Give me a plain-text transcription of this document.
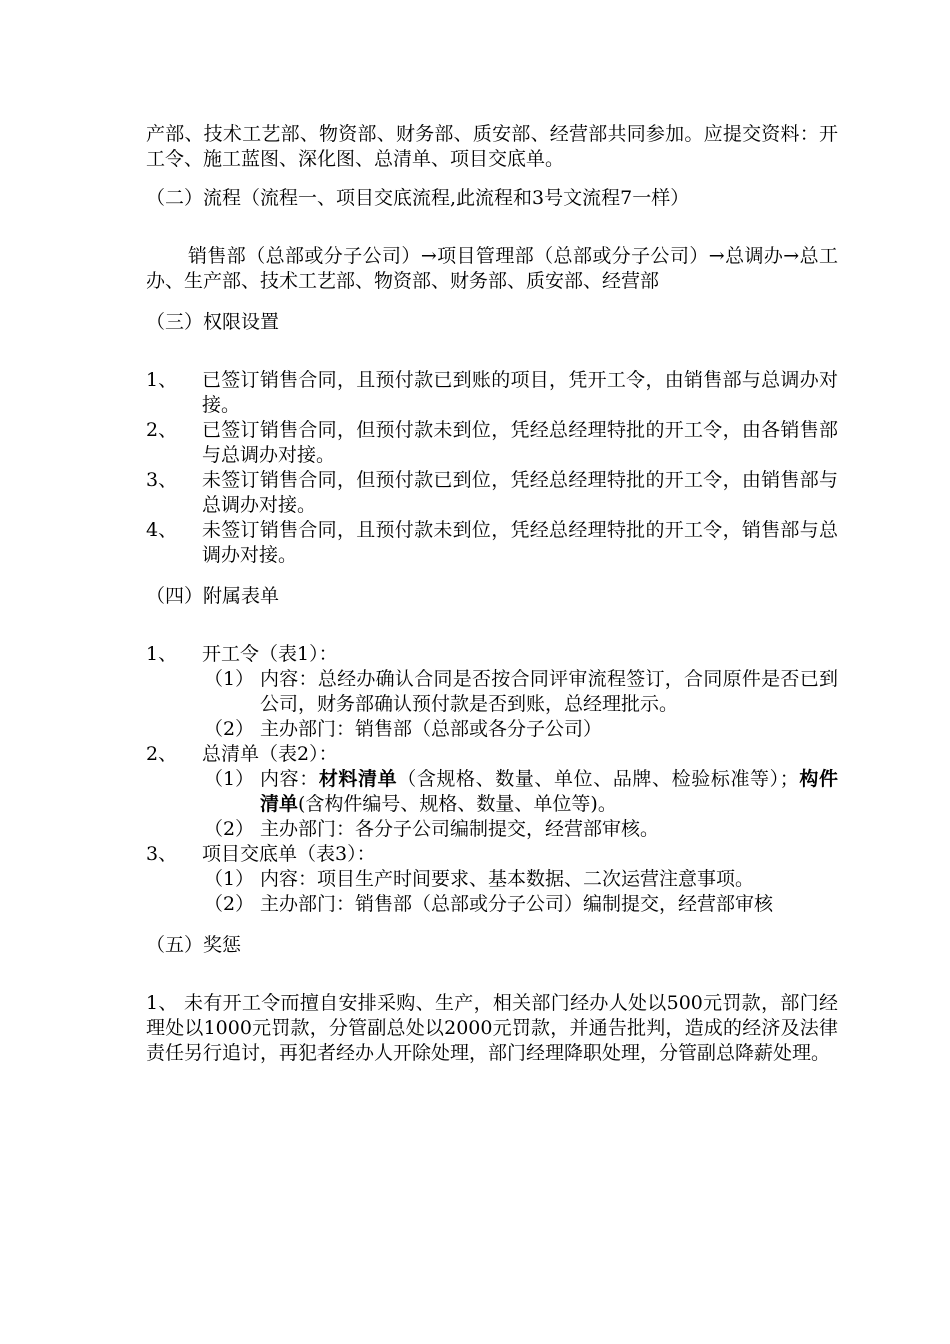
产部、技术工艺部、物资部、财务部、质安部、经营部共同参加。应提交资料：开工令、施工蓝图、深化图、总清单、项目交底单。

（二）流程（流程一、项目交底流程,此流程和3号文流程7一样）

销售部（总部或分子公司）→项目管理部（总部或分子公司）→总调办→总工办、生产部、技术工艺部、物资部、财务部、质安部、经营部

（三）权限设置

1、	已签订销售合同，且预付款已到账的项目，凭开工令，由销售部与总调办对接。
2、	已签订销售合同，但预付款未到位，凭经总经理特批的开工令，由各销售部与总调办对接。
3、	未签订销售合同，但预付款已到位，凭经总经理特批的开工令，由销售部与总调办对接。
4、	未签订销售合同，且预付款未到位，凭经总经理特批的开工令，销售部与总调办对接。

（四）附属表单

1、	开工令（表1）：
（1） 内容：总经办确认合同是否按合同评审流程签订，合同原件是否已到公司，财务部确认预付款是否到账，总经理批示。
（2） 主办部门：销售部（总部或各分子公司）
2、	总清单（表2）：
（1） 内容：材料清单（含规格、数量、单位、品牌、检验标准等）；构件清单(含构件编号、规格、数量、单位等)。
（2） 主办部门：各分子公司编制提交，经营部审核。
3、	项目交底单（表3）：
（1） 内容：项目生产时间要求、基本数据、二次运营注意事项。
（2） 主办部门：销售部（总部或分子公司）编制提交，经营部审核

（五）奖惩

1、 未有开工令而擅自安排采购、生产，相关部门经办人处以500元罚款，部门经理处以1000元罚款，分管副总处以2000元罚款，并通告批判，造成的经济及法律责任另行追讨，再犯者经办人开除处理，部门经理降职处理，分管副总降薪处理。
